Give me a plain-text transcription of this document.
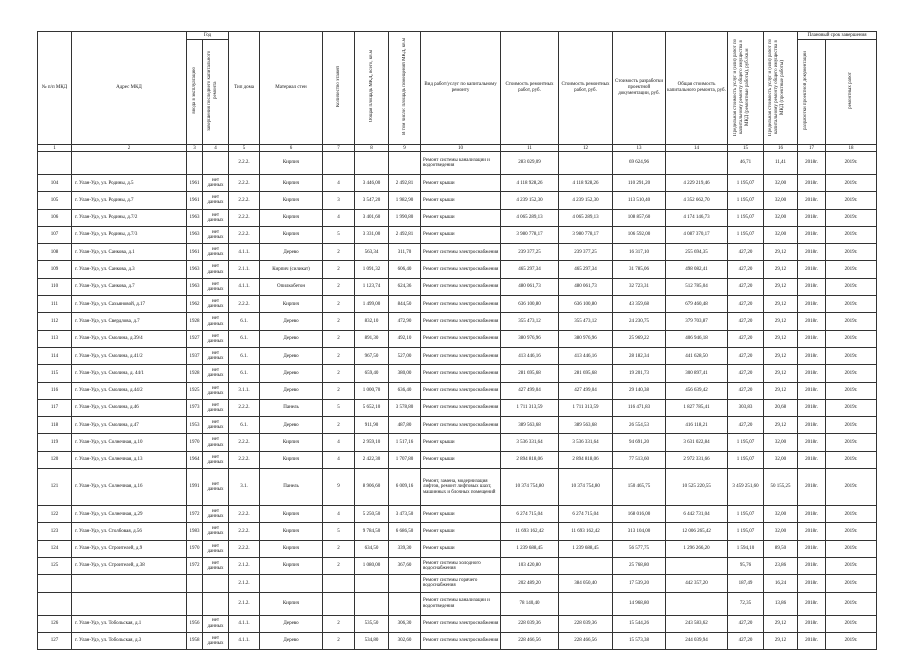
№ п/п МКД	Адрес МКД	Год		Тип дома	Материал стен	Количество этажей	Общая площадь МКД, всего, кв.м	В том числе: площадь помещений МКД, кв.м	Вид работ/услуг по капитальному ремонту	Стоимость ремонтных работ, руб.	Стоимость ремонтных работ, руб.	Стоимость разработки проектной документации, руб.	Общая стоимость капитального ремонта, руб.	Предельная стоимость услуг и (или) работ по капитальному ремонту общего имущества в МКД (ремонтные работы), руб./кв.м	Предельная стоимость услуг и (или) работ по капитальному ремонту общего имущества в МКД (проектные работы)	Плановый срок завершения	
		ввода в эксплуатацию	завершения последнего капитального ремонта													разработки проектной документации	ремонтных работ
1	2	3	4	5	6	7	8	9	10	11	12	13	14	15	16	17	18
				2.2.2.	Кирпич				Ремонт системы канализации и водоотведения	283 029,09		69 624,96		46,71	11,41	2018г.	2019г.
104	г. Улан-Удэ, ул. Родины, д.5	1961	нет данных	2.2.2.	Кирпич	4	3 446,00	2 492,81	Ремонт крыши	4 118 928,26	4 118 928,26	110 291,20	4 229 219,46	1 195,07	32,00	2018г.	2019г.
105	г. Улан-Удэ, ул. Родины, д.7	1961	нет данных	2.2.2.	Кирпич	3	3 547,20	1 982,90	Ремонт крыши	4 239 152,30	4 239 152,30	113 510,40	4 352 662,70	1 195,07	32,00	2018г.	2019г.
106	г. Улан-Удэ, ул. Родины, д.7/2	1963	нет данных	2.2.2.	Кирпич	4	3 401,60	1 990,80	Ремонт крыши	4 065 289,13	4 065 289,13	108 857,60	4 174 146,73	1 195,07	32,00	2018г.	2019г.
107	г. Улан-Удэ, ул. Родины, д.7/3	1963	нет данных	2.2.2.	Кирпич	5	3 331,00	2 492,81	Ремонт крыши	3 980 778,17	3 980 778,17	106 592,00	4 087 370,17	1 195,07	32,00	2018г.	2019г.
108	г. Улан-Удэ, ул. Санкова, д.1	1961	нет данных	4.1.1.	Дерево	2	563,34	311,70	Ремонт системы электроснабжения	239 377,25	239 377,25	16 317,10	255 694,35	427,20	29,12	2018г.	2019г.
109	г. Улан-Удэ, ул. Санкова, д.3	1963	нет данных	2.1.1.	Кирпич (силикат)	2	1 091,32	606,40	Ремонт системы электроснабжения	465 297,34	465 297,34	31 785,06	498 082,41	427,20	29,12	2018г.	2019г.
110	г. Улан-Удэ, ул. Санкова, д.7	1963	нет данных	4.1.1.	Опилкобетон	2	1 123,74	624,36	Ремонт системы электроснабжения	480 061,73	480 061,73	32 723,31	512 785,04	427,20	29,12	2018г.	2019г.
111	г. Улан-Удэ, ул. Сахьяновой, д.17	1962	нет данных	2.2.2.	Кирпич	2	1 499,00	844,50	Ремонт системы электроснабжения	636 100,80	636 100,80	43 359,68	679 460,48	427,20	29,12	2018г.	2019г.
112	г. Улан-Удэ, ул. Свердлова, д.7	1928	нет данных	6.1.	Дерево	2	832,10	472,90	Ремонт системы электроснабжения	355 473,12	355 473,12	24 230,75	379 703,87	427,20	29,12	2018г.	2019г.
113	г. Улан-Удэ, ул. Смолина, д.39/4	1927	нет данных	6.1.	Дерево	2	891,30	492,10	Ремонт системы электроснабжения	380 976,96	380 976,96	25 969,22	406 946,18	427,20	29,12	2018г.	2019г.
114	г. Улан-Удэ, ул. Смолина, д.41/2	1937	нет данных	6.1.	Дерево	2	967,50	527,00	Ремонт системы электроснабжения	413 446,16	413 446,16	28 182,34	441 628,50	427,20	29,12	2018г.	2019г.
115	г. Улан-Удэ, ул. Смолина, д. 44/1	1928	нет данных	6.1.	Дерево	2	659,40	380,00	Ремонт системы электроснабжения	281 695,68	281 695,68	19 201,73	300 897,41	427,20	29,12	2018г.	2019г.
116	г. Улан-Удэ, ул. Смолина, д.44/2	1925	нет данных	3.1.1.	Дерево	2	1 000,70	636,40	Ремонт системы электроснабжения	427 499,04	427 499,04	29 140,38	456 639,42	427,20	29,12	2018г.	2019г.
117	г. Улан-Удэ, ул. Смолина, д.46	1973	нет данных	2.2.2.	Панель	5	5 652,10	3 578,80	Ремонт системы электроснабжения	1 711 313,59	1 711 313,59	116 471,83	1 827 785,41	303,83	20,68	2018г.	2019г.
118	г. Улан-Удэ, ул. Смолина, д.47	1953	нет данных	6.1.	Дерево	2	911,90	487,80	Ремонт системы электроснабжения	389 563,68	389 563,68	26 554,53	416 118,21	427,20	29,12	2018г.	2019г.
119	г. Улан-Удэ, ул. Солнечная, д.10	1970	нет данных	2.2.2.	Кирпич	4	2 959,10	1 517,16	Ремонт крыши	3 536 331,64	3 536 331,64	94 691,20	3 631 022,84	1 195,07	32,00	2018г.	2019г.
120	г. Улан-Удэ, ул. Солнечная, д.13	1964	нет данных	2.2.2.	Кирпич	4	2 422,30	1 707,80	Ремонт крыши	2 894 818,06	2 894 818,06	77 513,60	2 972 331,66	1 195,07	32,00	2018г.	2019г.
121	г. Улан-Удэ, ул. Солнечная, д.16	1991	нет данных	3.1.	Панель	9	8 906,60	6 009,16	Ремонт, замена, модернизация лифтов, ремонт лифтовых шахт, машинных и блочных помещений	10 374 754,80	10 374 754,80	150 465,75	10 525 220,55	3 459 251,60	50 155,25	2018г.	2019г.
122	г. Улан-Удэ, ул. Солнечная, д.29	1972	нет данных	2.2.2.	Кирпич	4	5 250,50	3 473,50	Ремонт крыши	6 274 715,04	6 274 715,04	168 016,00	6 442 731,04	1 195,07	32,00	2018г.	2019г.
123	г. Улан-Удэ, ул. Столбовая, д.56	1983	нет данных	2.2.2.	Кирпич	5	9 784,50	6 686,50	Ремонт крыши	11 693 162,42	11 693 162,42	313 104,00	12 006 265,42	1 195,07	32,00	2018г.	2019г.
124	г. Улан-Удэ, ул. Строителей, д.9	1970	нет данных	2.2.2.	Кирпич	2	634,50	339,30	Ремонт крыши	1 239 688,45	1 239 688,45	56 577,75	1 296 266,20	1 594,10	89,50	2018г.	2019г.
125	г. Улан-Удэ, ул. Строителей, д.38	1972	нет данных	2.1.2.	Кирпич	2	1 080,00	367,60	Ремонт системы холодного водоснабжения	103 420,80		25 768,80		95,76	23,86	2018г.	2019г.
				2.1.2.					Ремонт системы горячего водоснабжения	202 489,20	384 050,40	17 539,20	442 357,20	187,49	16,24	2018г.	2019г.
				2.1.2.	Кирпич				Ремонт системы канализации и водоотведения	78 140,40		14 968,80		72,35	13,86	2018г.	2019г.
126	г. Улан-Удэ, ул. Тобольская, д.1	1956	нет данных	4.1.1.	Дерево	2	535,50	306,30	Ремонт системы электроснабжения	228 039,36	228 039,36	15 544,26	243 583,62	427,20	29,12	2018г.	2019г.
127	г. Улан-Удэ, ул. Тобольская, д.3	1958	нет данных	4.1.1.	Дерево	2	534,80	302,60	Ремонт системы электроснабжения	228 466,56	228 466,56	15 573,38	244 039,94	427,20	29,12	2018г.	2019г.
